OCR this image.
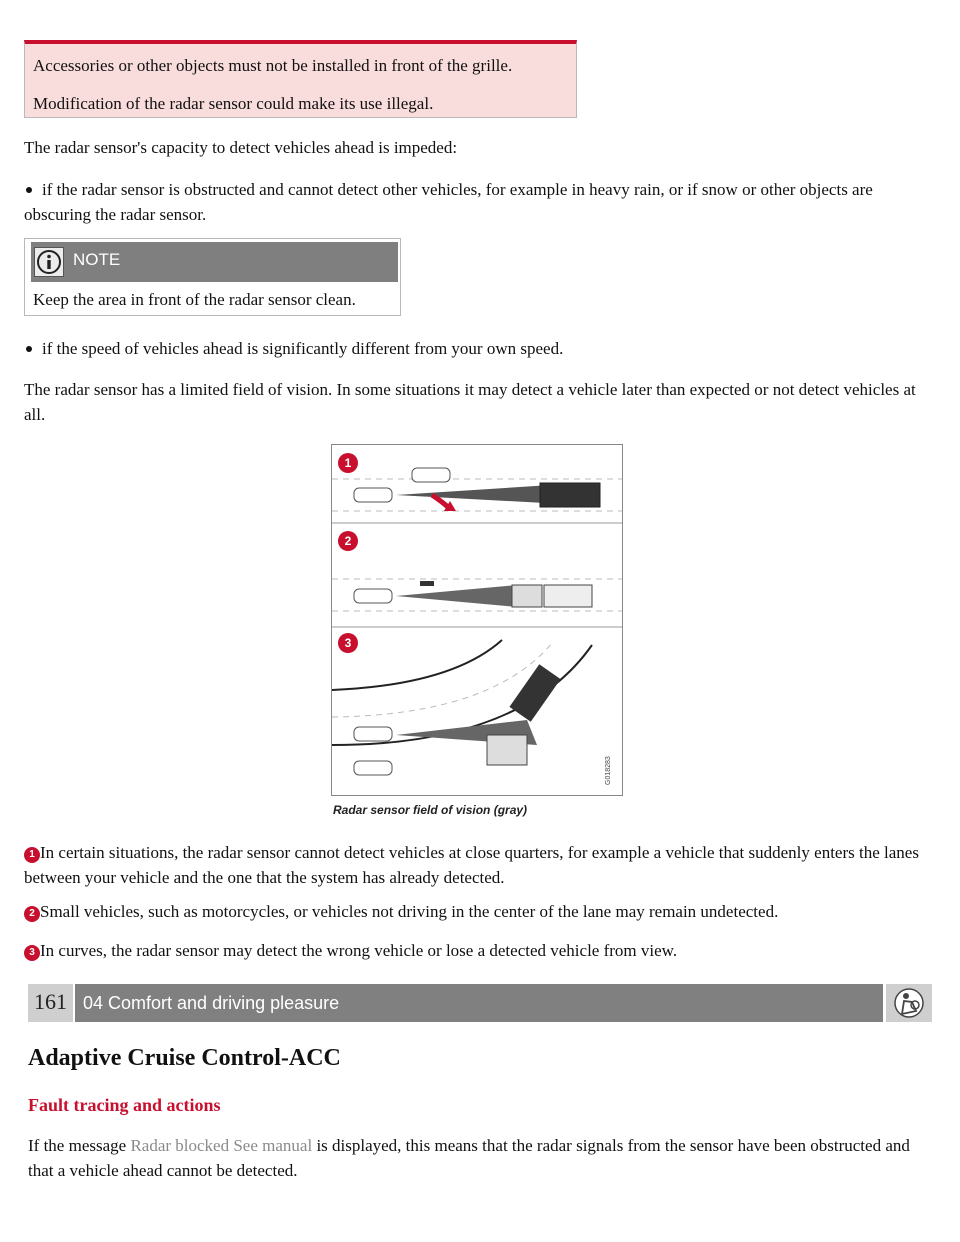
Accessories or other objects must not be installed in front of the grille.

Modification of the radar sensor could make its use illegal.

The radar sensor's capacity to detect vehicles ahead is impeded:

if the radar sensor is obstructed and cannot detect other vehicles, for example in heavy rain, or if snow or other objects are obscuring the radar sensor.
NOTE
Keep the area in front of the radar sensor clean.
if the speed of vehicles ahead is significantly different from your own speed.

The radar sensor has a limited field of vision. In some situations it may detect a vehicle later than expected or not detect vehicles at all.

1
2
3
G018283
Radar sensor field of vision (gray)
1 In certain situations, the radar sensor cannot detect vehicles at close quarters, for example a vehicle that suddenly enters the lanes between your vehicle and the one that the system has already detected.
2 Small vehicles, such as motorcycles, or vehicles not driving in the center of the lane may remain undetected.
3 In curves, the radar sensor may detect the wrong vehicle or lose a detected vehicle from view.
161 04 Comfort and driving pleasure
Adaptive Cruise Control-ACC
Fault tracing and actions

If the message Radar blocked See manual is displayed, this means that the radar signals from the sensor have been obstructed and that a vehicle ahead cannot be detected.
